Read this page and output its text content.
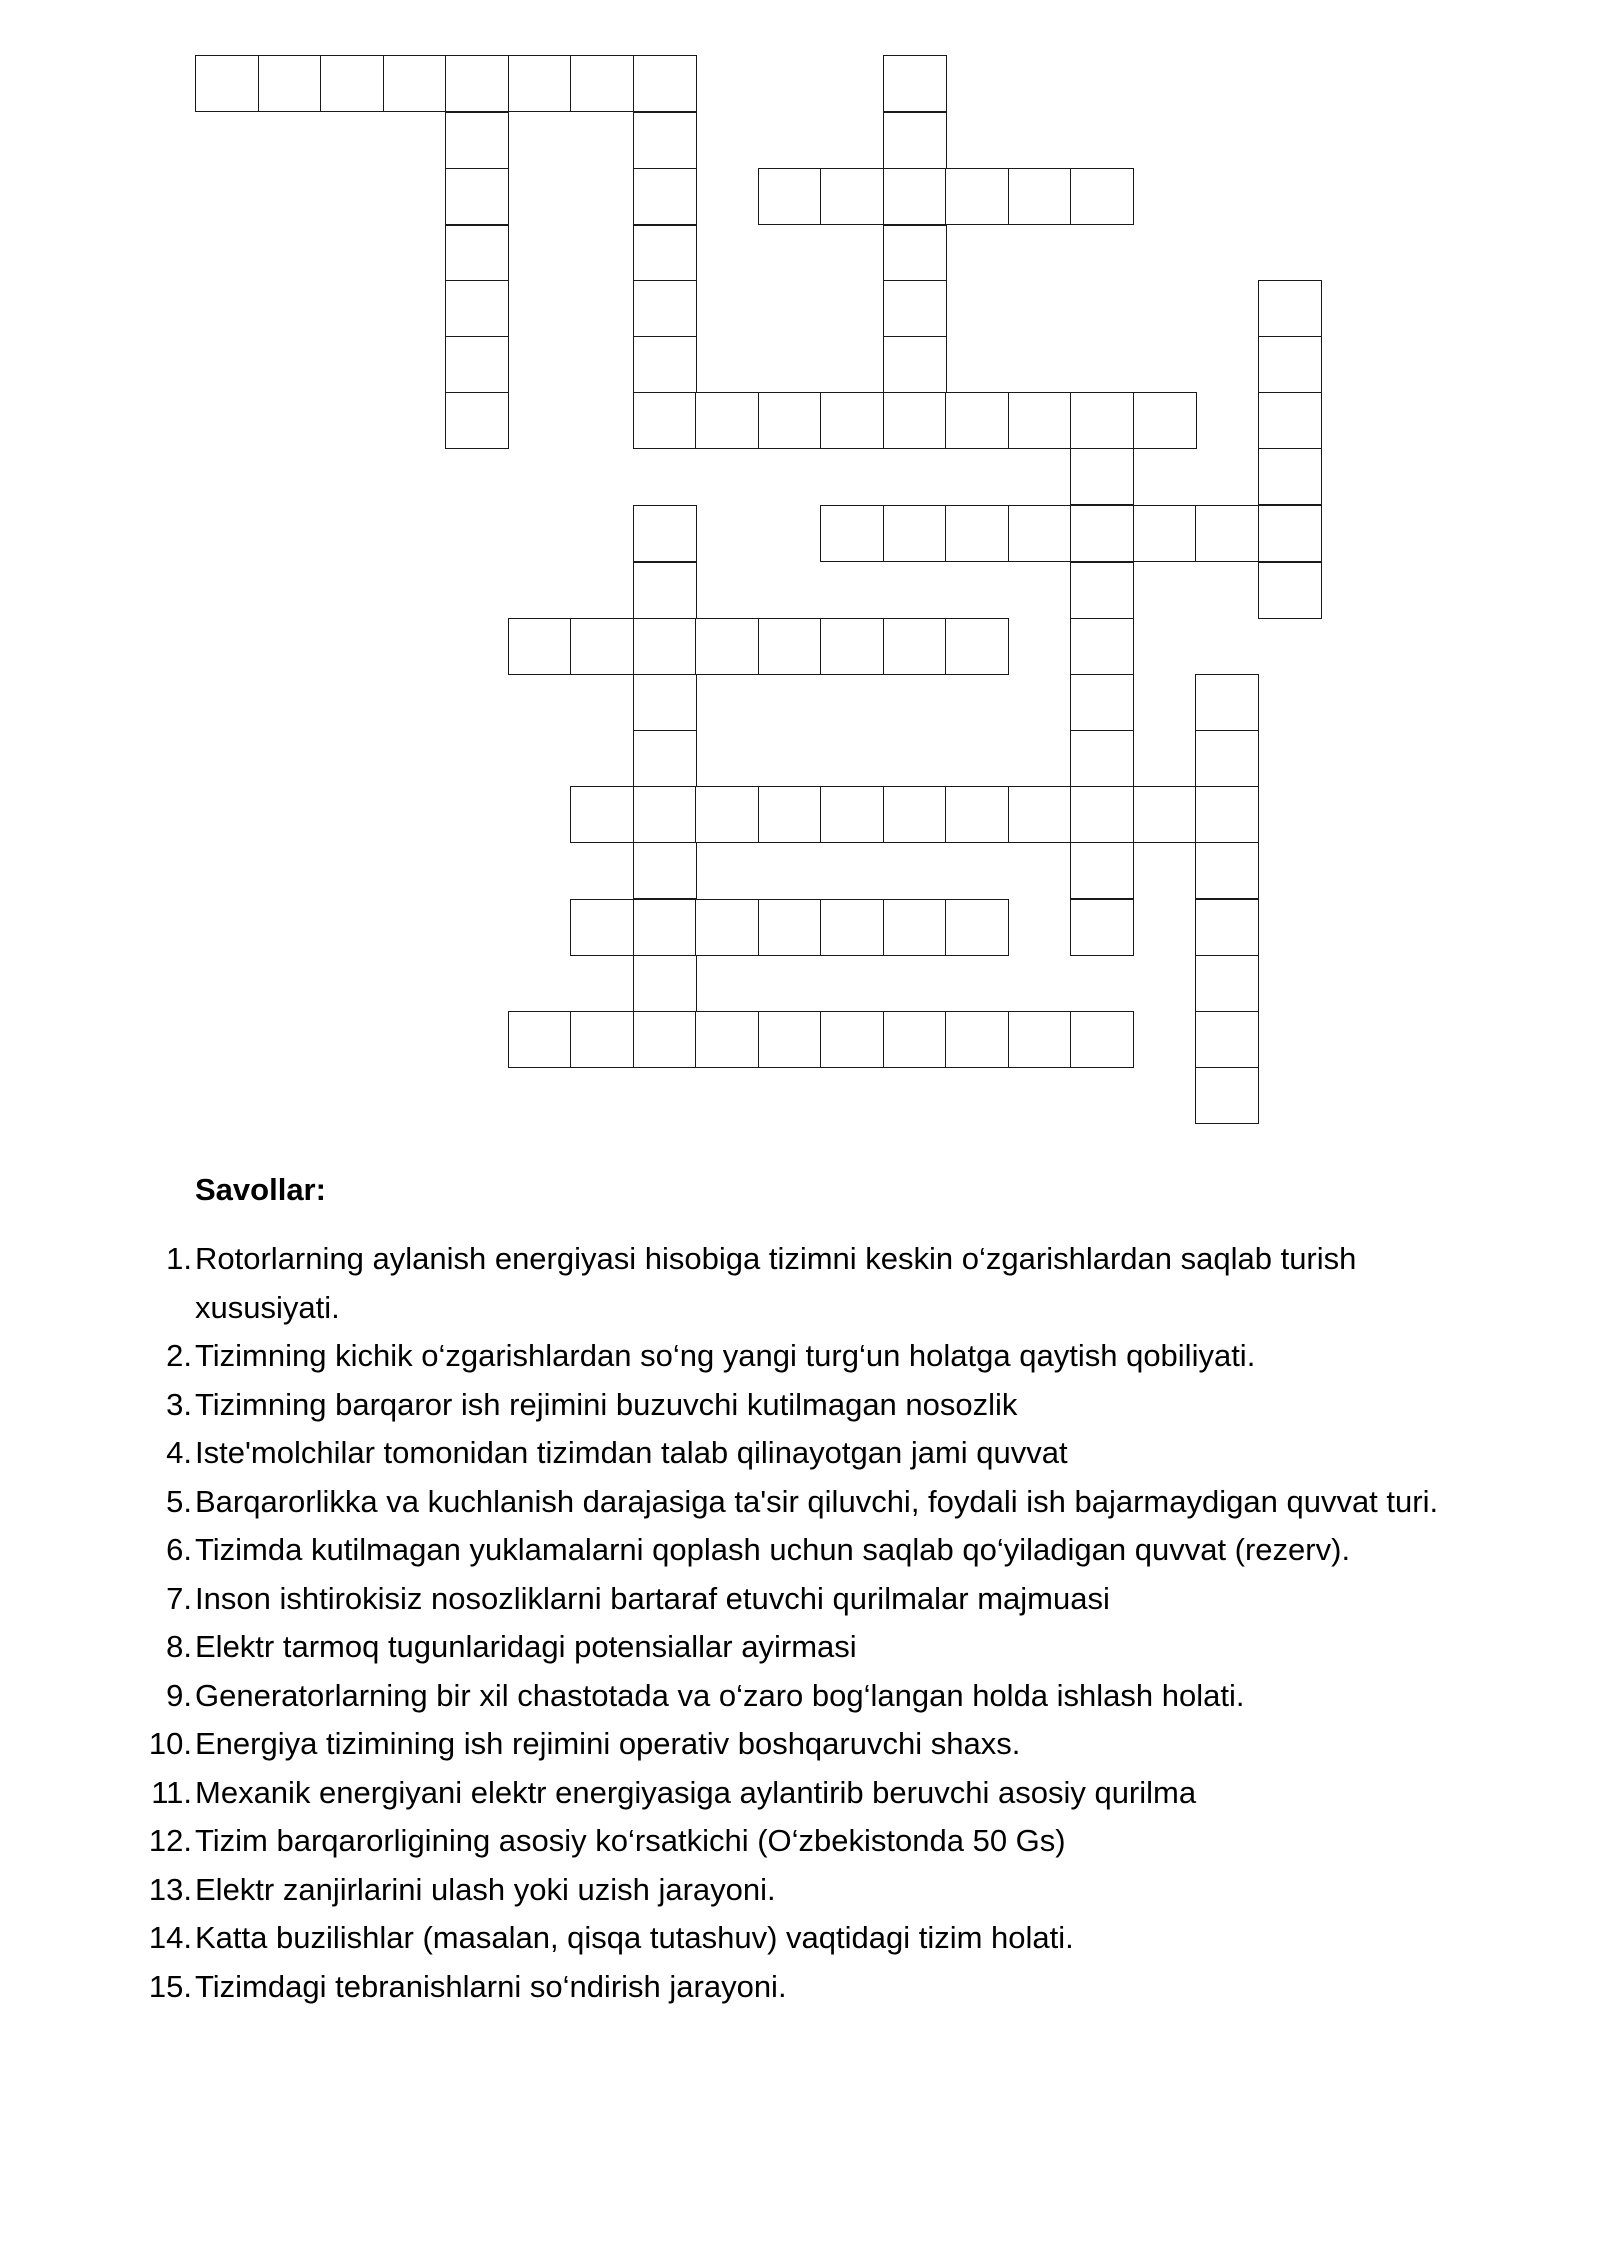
Savollar:
1. Rotorlarning aylanish energiyasi hisobiga tizimni keskin o‘zgarishlardan saqlab turish xususiyati.
2. Tizimning kichik o‘zgarishlardan so‘ng yangi turg‘un holatga qaytish qobiliyati.
3. Tizimning barqaror ish rejimini buzuvchi kutilmagan nosozlik
4. Iste'molchilar tomonidan tizimdan talab qilinayotgan jami quvvat
5. Barqarorlikka va kuchlanish darajasiga ta'sir qiluvchi, foydali ish bajarmaydigan quvvat turi.
6. Tizimda kutilmagan yuklamalarni qoplash uchun saqlab qo‘yiladigan quvvat (rezerv).
7. Inson ishtirokisiz nosozliklarni bartaraf etuvchi qurilmalar majmuasi
8. Elektr tarmoq tugunlaridagi potensiallar ayirmasi
9. Generatorlarning bir xil chastotada va o‘zaro bog‘langan holda ishlash holati.
10. Energiya tizimining ish rejimini operativ boshqaruvchi shaxs.
11. Mexanik energiyani elektr energiyasiga aylantirib beruvchi asosiy qurilma
12. Tizim barqarorligining asosiy ko‘rsatkichi (O‘zbekistonda 50 Gs)
13. Elektr zanjirlarini ulash yoki uzish jarayoni.
14. Katta buzilishlar (masalan, qisqa tutashuv) vaqtidagi tizim holati.
15. Tizimdagi tebranishlarni so‘ndirish jarayoni.
